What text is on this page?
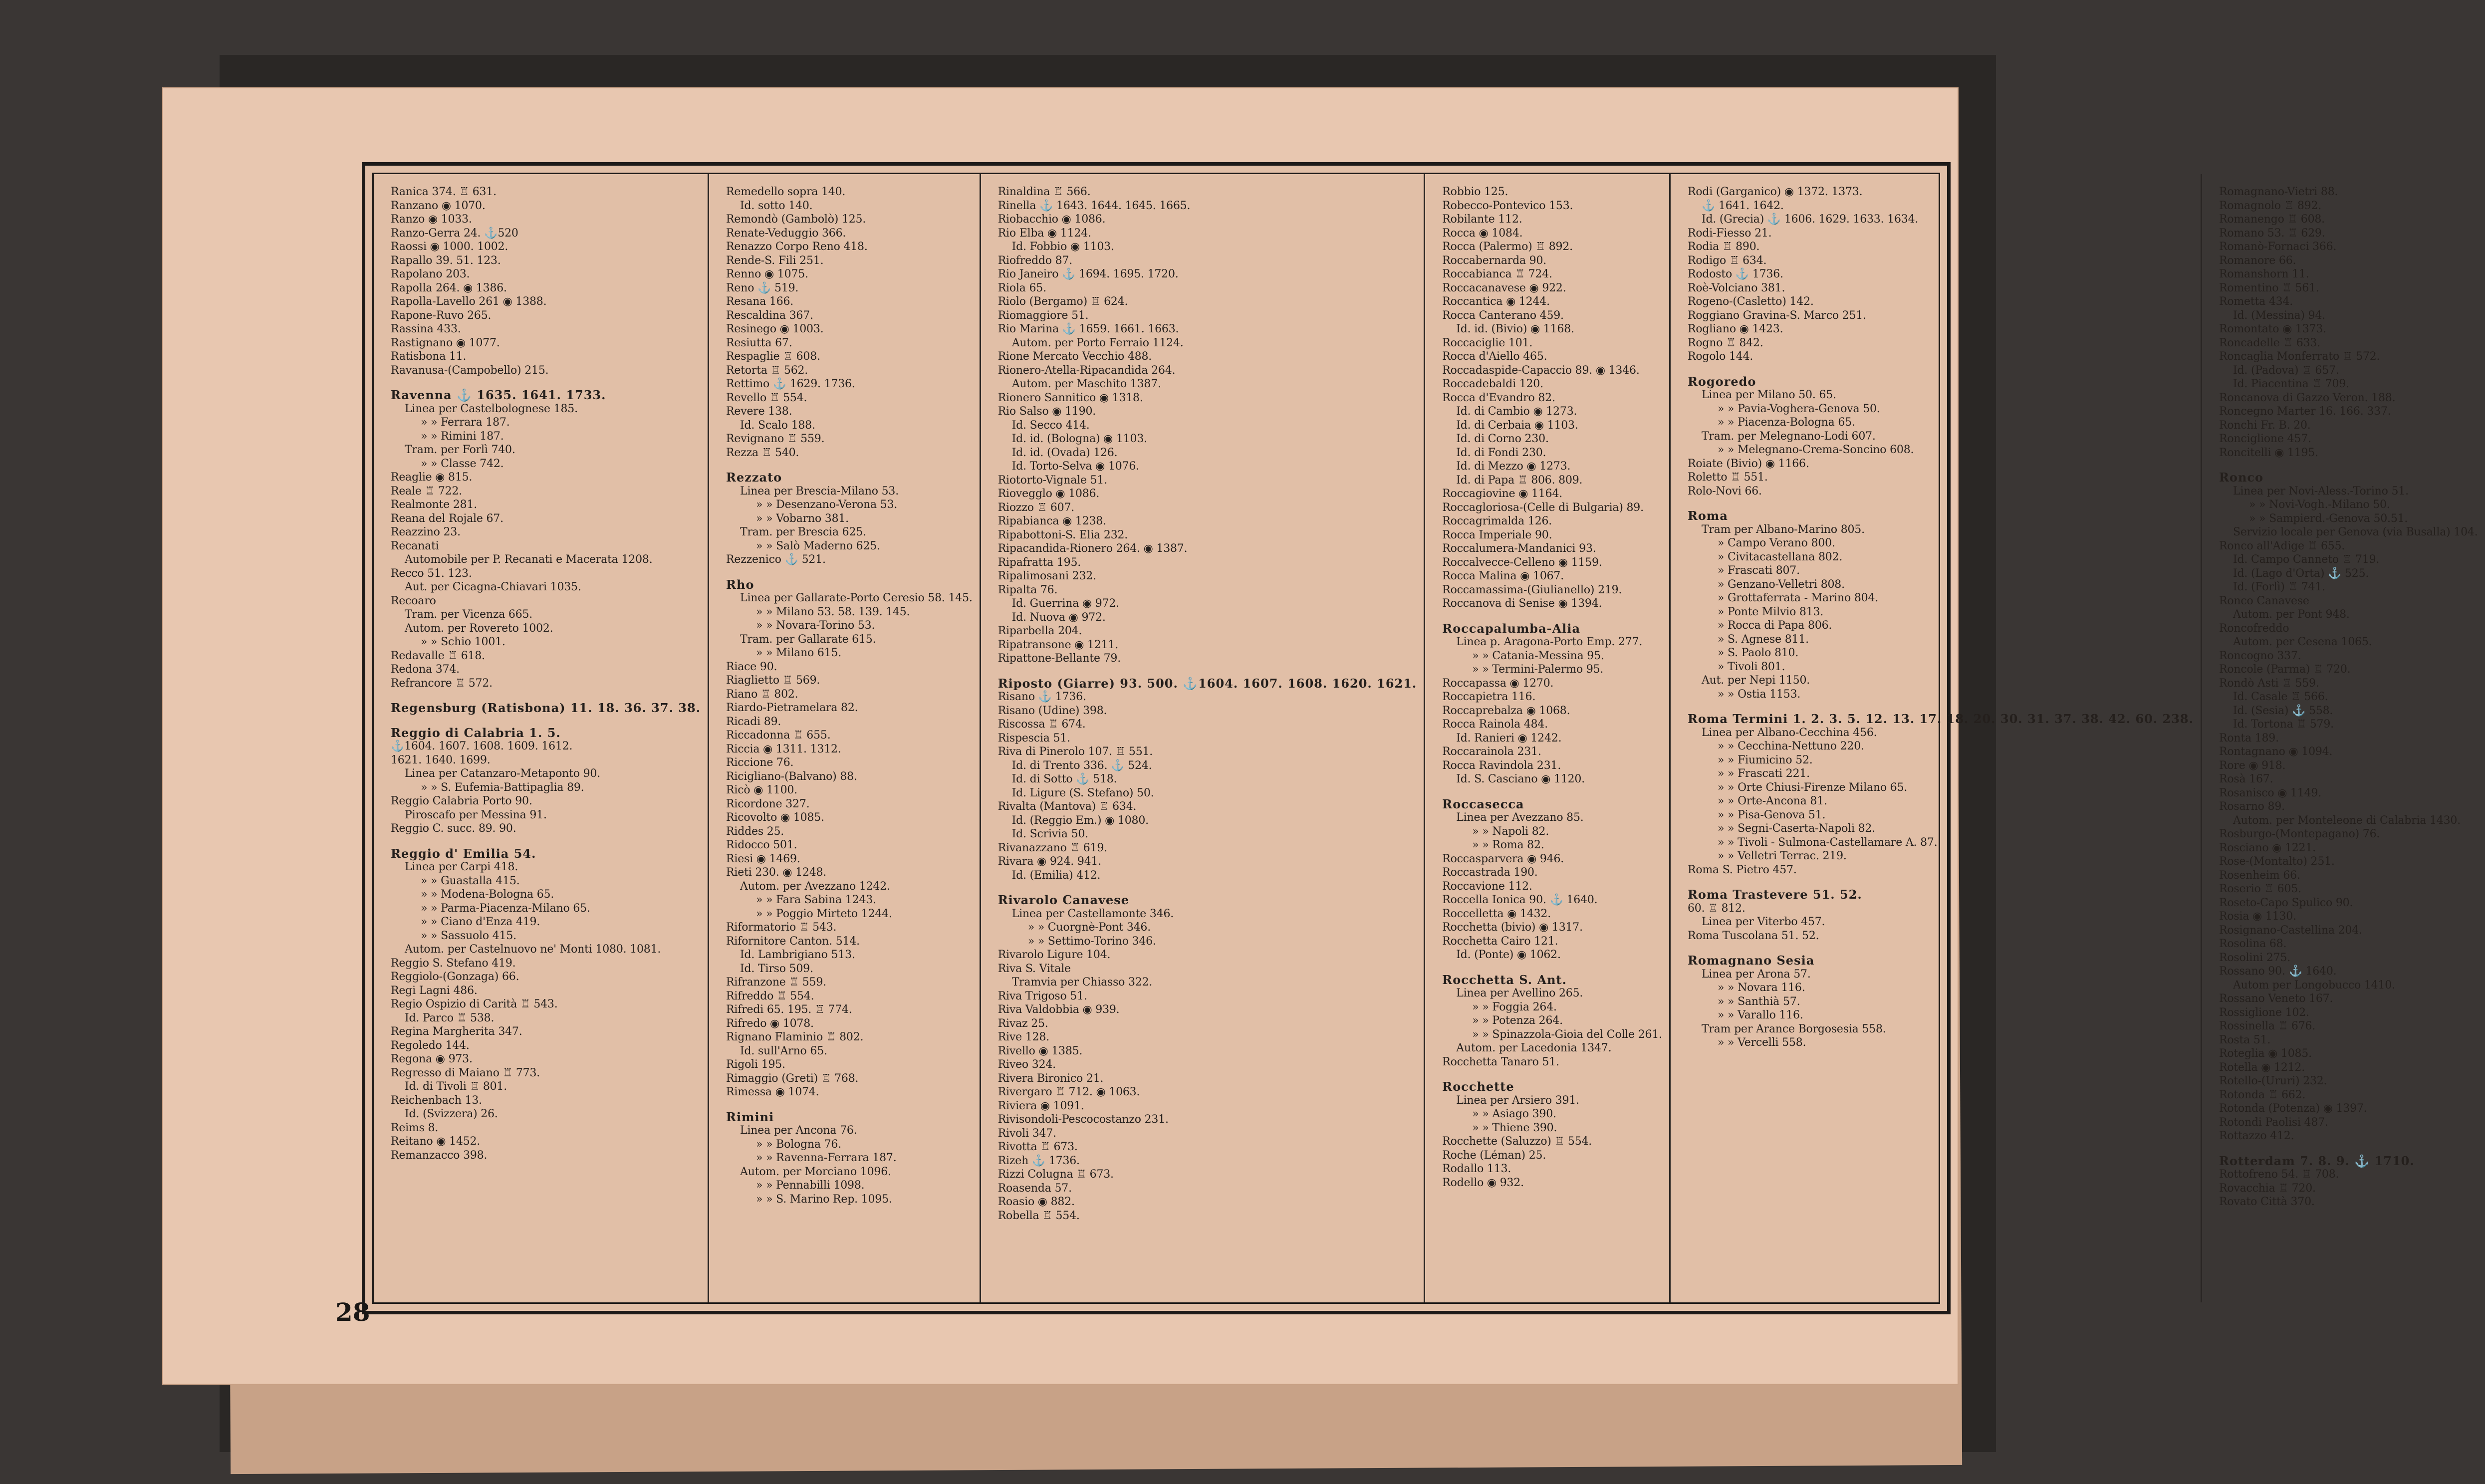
Ranica 374. ♖ 631.
Ranzano ◉ 1070.
Ranzo ◉ 1033.
Ranzo-Gerra 24. ⚓520
Raossi ◉ 1000. 1002.
Rapallo 39. 51. 123.
Rapolano 203.
Rapolla 264. ◉ 1386.
Rapolla-Lavello 261 ◉ 1388.
Rapone-Ruvo 265.
Rassina 433.
Rastignano ◉ 1077.
Ratisbona 11.
Ravanusa-(Campobello) 215.
Ravenna ⚓ 1635. 1641. 1733.
Linea per Castelbolognese 185.
» » Ferrara 187.
» » Rimini 187.
Tram. per Forlì 740.
» » Classe 742.
Reaglie ◉ 815.
Reale ♖ 722.
Realmonte 281.
Reana del Rojale 67.
Reazzino 23.
Recanati
Automobile per P. Recanati e Macerata 1208.
Recco 51. 123.
Aut. per Cicagna-Chiavari 1035.
Recoaro
Tram. per Vicenza 665.
Autom. per Rovereto 1002.
» » Schio 1001.
Redavalle ♖ 618.
Redona 374.
Refrancore ♖ 572.
Regensburg (Ratisbona) 11. 18. 36. 37. 38.
Reggio di Calabria 1. 5.
⚓1604. 1607. 1608. 1609. 1612.
1621. 1640. 1699.
Linea per Catanzaro-Metaponto 90.
» » S. Eufemia-Battipaglia 89.
Reggio Calabria Porto 90.
Piroscafo per Messina 91.
Reggio C. succ. 89. 90.
Reggio d' Emilia 54.
Linea per Carpi 418.
» » Guastalla 415.
» » Modena-Bologna 65.
» » Parma-Piacenza-Milano 65.
» » Ciano d'Enza 419.
» » Sassuolo 415.
Autom. per Castelnuovo ne' Monti 1080. 1081.
Reggio S. Stefano 419.
Reggiolo-(Gonzaga) 66.
Regi Lagni 486.
Regio Ospizio di Carità ♖ 543.
Id. Parco ♖ 538.
Regina Margherita 347.
Regoledo 144.
Regona ◉ 973.
Regresso di Maiano ♖ 773.
Id. di Tivoli ♖ 801.
Reichenbach 13.
Id. (Svizzera) 26.
Reims 8.
Reitano ◉ 1452.
Remanzacco 398.
Remedello sopra 140.
Id. sotto 140.
Remondò (Gambolò) 125.
Renate-Veduggio 366.
Renazzo Corpo Reno 418.
Rende-S. Fili 251.
Renno ◉ 1075.
Reno ⚓ 519.
Resana 166.
Rescaldina 367.
Resinego ◉ 1003.
Resiutta 67.
Respaglie ♖ 608.
Retorta ♖ 562.
Rettimo ⚓ 1629. 1736.
Revello ♖ 554.
Revere 138.
Id. Scalo 188.
Revignano ♖ 559.
Rezza ♖ 540.
Rezzato
Linea per Brescia-Milano 53.
» » Desenzano-Verona 53.
» » Vobarno 381.
Tram. per Brescia 625.
» » Salò Maderno 625.
Rezzenico ⚓ 521.
Rho
Linea per Gallarate-Porto Ceresio 58. 145.
» » Milano 53. 58. 139. 145.
» » Novara-Torino 53.
Tram. per Gallarate 615.
» » Milano 615.
Riace 90.
Riaglietto ♖ 569.
Riano ♖ 802.
Riardo-Pietramelara 82.
Ricadi 89.
Riccadonna ♖ 655.
Riccia ◉ 1311. 1312.
Riccione 76.
Ricigliano-(Balvano) 88.
Ricò ◉ 1100.
Ricordone 327.
Ricovolto ◉ 1085.
Riddes 25.
Ridocco 501.
Riesi ◉ 1469.
Rieti 230. ◉ 1248.
Autom. per Avezzano 1242.
» » Fara Sabina 1243.
» » Poggio Mirteto 1244.
Riformatorio ♖ 543.
Rifornitore Canton. 514.
Id. Lambrigiano 513.
Id. Tirso 509.
Rifranzone ♖ 559.
Rifreddo ♖ 554.
Rifredi 65. 195. ♖ 774.
Rifredo ◉ 1078.
Rignano Flaminio ♖ 802.
Id. sull'Arno 65.
Rigoli 195.
Rimaggio (Greti) ♖ 768.
Rimessa ◉ 1074.
Rimini
Linea per Ancona 76.
» » Bologna 76.
» » Ravenna-Ferrara 187.
Autom. per Morciano 1096.
» » Pennabilli 1098.
» » S. Marino Rep. 1095.
Rinaldina ♖ 566.
Rinella ⚓ 1643. 1644. 1645. 1665.
Riobacchio ◉ 1086.
Rio Elba ◉ 1124.
Id. Fobbio ◉ 1103.
Riofreddo 87.
Rio Janeiro ⚓ 1694. 1695. 1720.
Riola 65.
Riolo (Bergamo) ♖ 624.
Riomaggiore 51.
Rio Marina ⚓ 1659. 1661. 1663.
Autom. per Porto Ferraio 1124.
Rione Mercato Vecchio 488.
Rionero-Atella-Ripacandida 264.
Autom. per Maschito 1387.
Rionero Sannitico ◉ 1318.
Rio Salso ◉ 1190.
Id. Secco 414.
Id. id. (Bologna) ◉ 1103.
Id. id. (Ovada) 126.
Id. Torto-Selva ◉ 1076.
Riotorto-Vignale 51.
Riovegglo ◉ 1086.
Riozzo ♖ 607.
Ripabianca ◉ 1238.
Ripabottoni-S. Elia 232.
Ripacandida-Rionero 264. ◉ 1387.
Ripafratta 195.
Ripalimosani 232.
Ripalta 76.
Id. Guerrina ◉ 972.
Id. Nuova ◉ 972.
Riparbella 204.
Ripatransone ◉ 1211.
Ripattone-Bellante 79.
Riposto (Giarre) 93. 500. ⚓1604. 1607. 1608. 1620. 1621.
Risano ⚓ 1736.
Risano (Udine) 398.
Riscossa ♖ 674.
Rispescia 51.
Riva di Pinerolo 107. ♖ 551.
Id. di Trento 336. ⚓ 524.
Id. di Sotto ⚓ 518.
Id. Ligure (S. Stefano) 50.
Rivalta (Mantova) ♖ 634.
Id. (Reggio Em.) ◉ 1080.
Id. Scrivia 50.
Rivanazzano ♖ 619.
Rivara ◉ 924. 941.
Id. (Emilia) 412.
Rivarolo Canavese
Linea per Castellamonte 346.
» » Cuorgnè-Pont 346.
» » Settimo-Torino 346.
Rivarolo Ligure 104.
Riva S. Vitale
Tramvia per Chiasso 322.
Riva Trigoso 51.
Riva Valdobbia ◉ 939.
Rivaz 25.
Rive 128.
Rivello ◉ 1385.
Riveo 324.
Rivera Bironico 21.
Rivergaro ♖ 712. ◉ 1063.
Riviera ◉ 1091.
Rivisondoli-Pescocostanzo 231.
Rivoli 347.
Rivotta ♖ 673.
Rizeh ⚓ 1736.
Rizzi Colugna ♖ 673.
Roasenda 57.
Roasio ◉ 882.
Robella ♖ 554.
Robbio 125.
Robecco-Pontevico 153.
Robilante 112.
Rocca ◉ 1084.
Rocca (Palermo) ♖ 892.
Roccabernarda 90.
Roccabianca ♖ 724.
Roccacanavese ◉ 922.
Roccantica ◉ 1244.
Rocca Canterano 459.
Id. id. (Bivio) ◉ 1168.
Roccaciglie 101.
Rocca d'Aiello 465.
Roccadaspide-Capaccio 89. ◉ 1346.
Roccadebaldi 120.
Rocca d'Evandro 82.
Id. di Cambio ◉ 1273.
Id. di Cerbaia ◉ 1103.
Id. di Corno 230.
Id. di Fondi 230.
Id. di Mezzo ◉ 1273.
Id. di Papa ♖ 806. 809.
Roccagiovine ◉ 1164.
Roccagloriosa-(Celle di Bulgaria) 89.
Roccagrimalda 126.
Rocca Imperiale 90.
Roccalumera-Mandanici 93.
Roccalvecce-Celleno ◉ 1159.
Rocca Malina ◉ 1067.
Roccamassima-(Giulianello) 219.
Roccanova di Senise ◉ 1394.
Roccapalumba-Alia
Linea p. Aragona-Porto Emp. 277.
» » Catania-Messina 95.
» » Termini-Palermo 95.
Roccapassa ◉ 1270.
Roccapietra 116.
Roccaprebalza ◉ 1068.
Rocca Rainola 484.
Id. Ranieri ◉ 1242.
Roccarainola 231.
Rocca Ravindola 231.
Id. S. Casciano ◉ 1120.
Roccasecca
Linea per Avezzano 85.
» » Napoli 82.
» » Roma 82.
Roccasparvera ◉ 946.
Roccastrada 190.
Roccavione 112.
Roccella Ionica 90. ⚓ 1640.
Roccelletta ◉ 1432.
Rocchetta (bivio) ◉ 1317.
Rocchetta Cairo 121.
Id. (Ponte) ◉ 1062.
Rocchetta S. Ant.
Linea per Avellino 265.
» » Foggia 264.
» » Potenza 264.
» » Spinazzola-Gioia del Colle 261.
Autom. per Lacedonia 1347.
Rocchetta Tanaro 51.
Rocchette
Linea per Arsiero 391.
» » Asiago 390.
» » Thiene 390.
Rocchette (Saluzzo) ♖ 554.
Roche (Léman) 25.
Rodallo 113.
Rodello ◉ 932.
Rodi (Garganico) ◉ 1372. 1373.
⚓ 1641. 1642.
Id. (Grecia) ⚓ 1606. 1629. 1633. 1634.
Rodi-Fiesso 21.
Rodia ♖ 890.
Rodigo ♖ 634.
Rodosto ⚓ 1736.
Roè-Volciano 381.
Rogeno-(Casletto) 142.
Roggiano Gravina-S. Marco 251.
Rogliano ◉ 1423.
Rogno ♖ 842.
Rogolo 144.
Rogoredo
Linea per Milano 50. 65.
» » Pavia-Voghera-Genova 50.
» » Piacenza-Bologna 65.
Tram. per Melegnano-Lodi 607.
» » Melegnano-Crema-Soncino 608.
Roiate (Bivio) ◉ 1166.
Roletto ♖ 551.
Rolo-Novi 66.
Roma
Tram per Albano-Marino 805.
» Campo Verano 800.
» Civitacastellana 802.
» Frascati 807.
» Genzano-Velletri 808.
» Grottaferrata - Marino 804.
» Ponte Milvio 813.
» Rocca di Papa 806.
» S. Agnese 811.
» S. Paolo 810.
» Tivoli 801.
Aut. per Nepi 1150.
» » Ostia 1153.
Roma Termini 1. 2. 3. 5. 12. 13. 17. 18. 20. 30. 31. 37. 38. 42. 60. 238.
Linea per Albano-Cecchina 456.
» » Cecchina-Nettuno 220.
» » Fiumicino 52.
» » Frascati 221.
» » Orte Chiusi-Firenze Milano 65.
» » Orte-Ancona 81.
» » Pisa-Genova 51.
» » Segni-Caserta-Napoli 82.
» » Tivoli - Sulmona-Castellamare A. 87.
» » Velletri Terrac. 219.
Roma S. Pietro 457.
Roma Trastevere 51. 52.
60. ♖ 812.
Linea per Viterbo 457.
Roma Tuscolana 51. 52.
Romagnano Sesia
Linea per Arona 57.
» » Novara 116.
» » Santhià 57.
» » Varallo 116.
Tram per Arance Borgosesia 558.
» » Vercelli 558.
Romagnano-Vietri 88.
Romagnolo ♖ 892.
Romanengo ♖ 608.
Romano 53. ♖ 629.
Romanò-Fornaci 366.
Romanore 66.
Romanshorn 11.
Romentino ♖ 561.
Rometta 434.
Id. (Messina) 94.
Romontato ◉ 1373.
Roncadelle ♖ 633.
Roncaglia Monferrato ♖ 572.
Id. (Padova) ♖ 657.
Id. Piacentina ♖ 709.
Roncanova di Gazzo Veron. 188.
Roncegno Marter 16. 166. 337.
Ronchi Fr. B. 20.
Ronciglione 457.
Roncitelli ◉ 1195.
Ronco
Linea per Novi-Aless.-Torino 51.
» » Novi-Vogh.-Milano 50.
» » Sampierd.-Genova 50.51.
Servizio locale per Genova (via Busalla) 104.
Ronco all'Adige ♖ 655.
Id. Campo Canneto ♖ 719.
Id. (Lago d'Orta) ⚓ 525.
Id. (Forlì) ♖ 741.
Ronco Canavese
Autom. per Pont 948.
Roncofreddo
Autom. per Cesena 1065.
Roncogno 337.
Roncole (Parma) ♖ 720.
Rondò Asti ♖ 559.
Id. Casale ♖ 566.
Id. (Sesia) ⚓ 558.
Id. Tortona ♖ 579.
Ronta 189.
Rontagnano ◉ 1094.
Rore ◉ 918.
Rosà 167.
Rosanisco ◉ 1149.
Rosarno 89.
Autom. per Monteleone di Calabria 1430.
Rosburgo-(Montepagano) 76.
Rosciano ◉ 1221.
Rose-(Montalto) 251.
Rosenheim 66.
Roserio ♖ 605.
Roseto-Capo Spulico 90.
Rosia ◉ 1130.
Rosignano-Castellina 204.
Rosolina 68.
Rosolini 275.
Rossano 90. ⚓ 1640.
Autom per Longobucco 1410.
Rossano Veneto 167.
Rossiglione 102.
Rossinella ♖ 676.
Rosta 51.
Roteglia ◉ 1085.
Rotella ◉ 1212.
Rotello-(Ururi) 232.
Rotonda ♖ 662.
Rotonda (Potenza) ◉ 1397.
Rotondi Paolisi 487.
Rottazzo 412.
Rotterdam 7. 8. 9. ⚓ 1710.
Rottofreno 54. ♖ 708.
Rovacchia ♖ 720.
Rovato Città 370.
28
